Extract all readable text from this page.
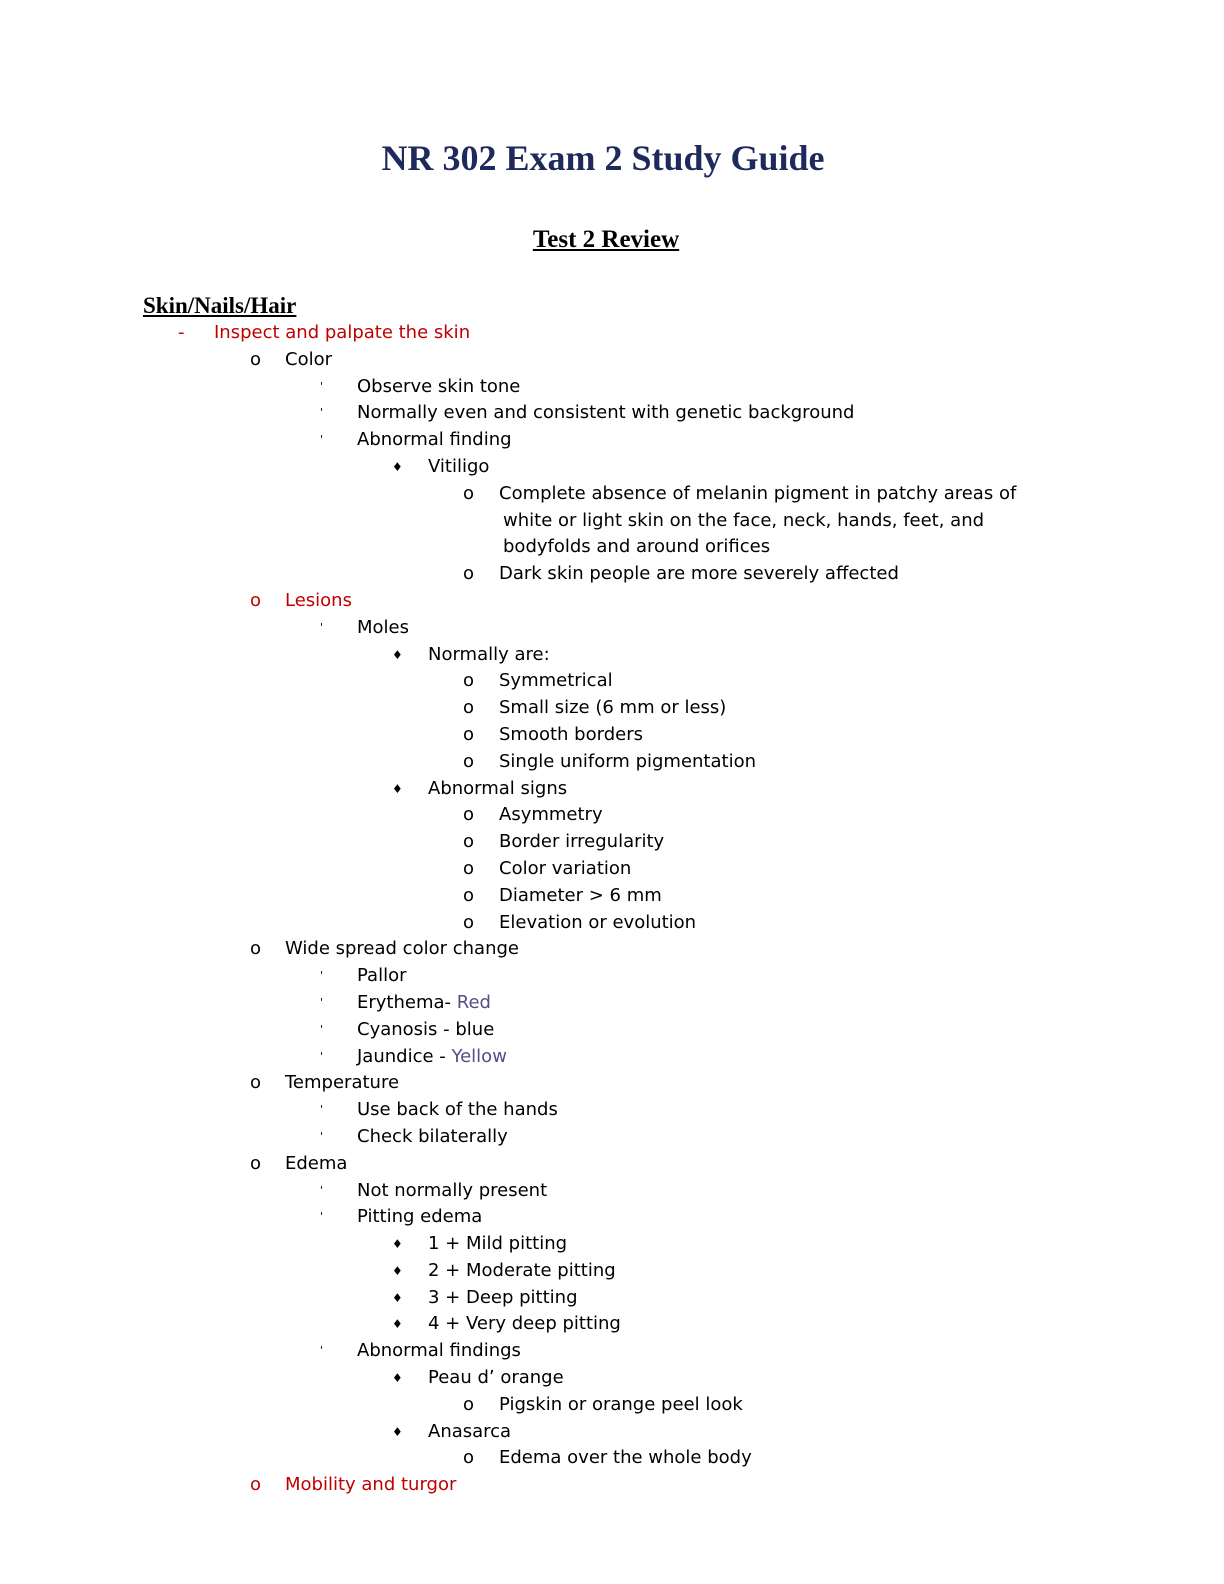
NR 302 Exam 2 Study Guide
Test 2 Review
Skin/Nails/Hair
- Inspect and palpate the skin
o Color
' Observe skin tone
' Normally even and consistent with genetic background
' Abnormal finding
♦ Vitiligo
o Complete absence of melanin pigment in patchy areas of
white or light skin on the face, neck, hands, feet, and
bodyfolds and around orifices
o Dark skin people are more severely affected
o Lesions
' Moles
♦ Normally are:
o Symmetrical
o Small size (6 mm or less)
o Smooth borders
o Single uniform pigmentation
♦ Abnormal signs
o Asymmetry
o Border irregularity
o Color variation
o Diameter > 6 mm
o Elevation or evolution
o Wide spread color change
' Pallor
' Erythema- Red
' Cyanosis - blue
' Jaundice - Yellow
o Temperature
' Use back of the hands
' Check bilaterally
o Edema
' Not normally present
' Pitting edema
♦ 1 + Mild pitting
♦ 2 + Moderate pitting
♦ 3 + Deep pitting
♦ 4 + Very deep pitting
' Abnormal findings
♦ Peau d’ orange
o Pigskin or orange peel look
♦ Anasarca
o Edema over the whole body
o Mobility and turgor
